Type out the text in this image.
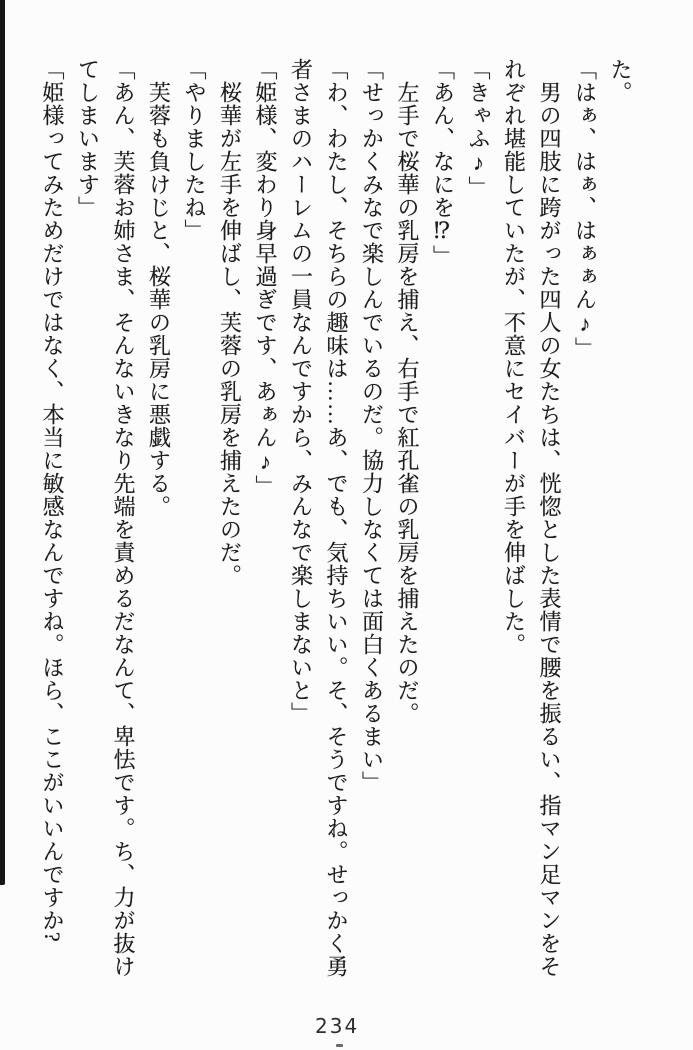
た。

「はぁ、はぁ、はぁぁん♪」

男の四肢に跨がった四人の女たちは、恍惚とした表情で腰を振るい、指マン足マンをそ

れぞれ堪能していたが、不意にセイバーが手を伸ばした。

「きゃふ♪」

「あん、なにを⁉」

左手で桜華の乳房を捕え、右手で紅孔雀の乳房を捕えたのだ。

「せっかくみなで楽しんでいるのだ。協力しなくては面白くあるまい」

「わ、わたし、そちらの趣味は……あ、でも、気持ちいい。そ、そうですね。せっかく勇

者さまのハーレムの一員なんですから、みんなで楽しまないと」

「姫様、変わり身早過ぎです、あぁん♪」

桜華が左手を伸ばし、芙蓉の乳房を捕えたのだ。

「やりましたね」

芙蓉も負けじと、桜華の乳房に悪戯する。

「あん、芙蓉お姉さま、そんないきなり先端を責めるだなんて、卑怯です。ち、力が抜け

てしまいます」

「姫様ってみためだけではなく、本当に敏感なんですね。ほら、ここがいいんですか?

234
